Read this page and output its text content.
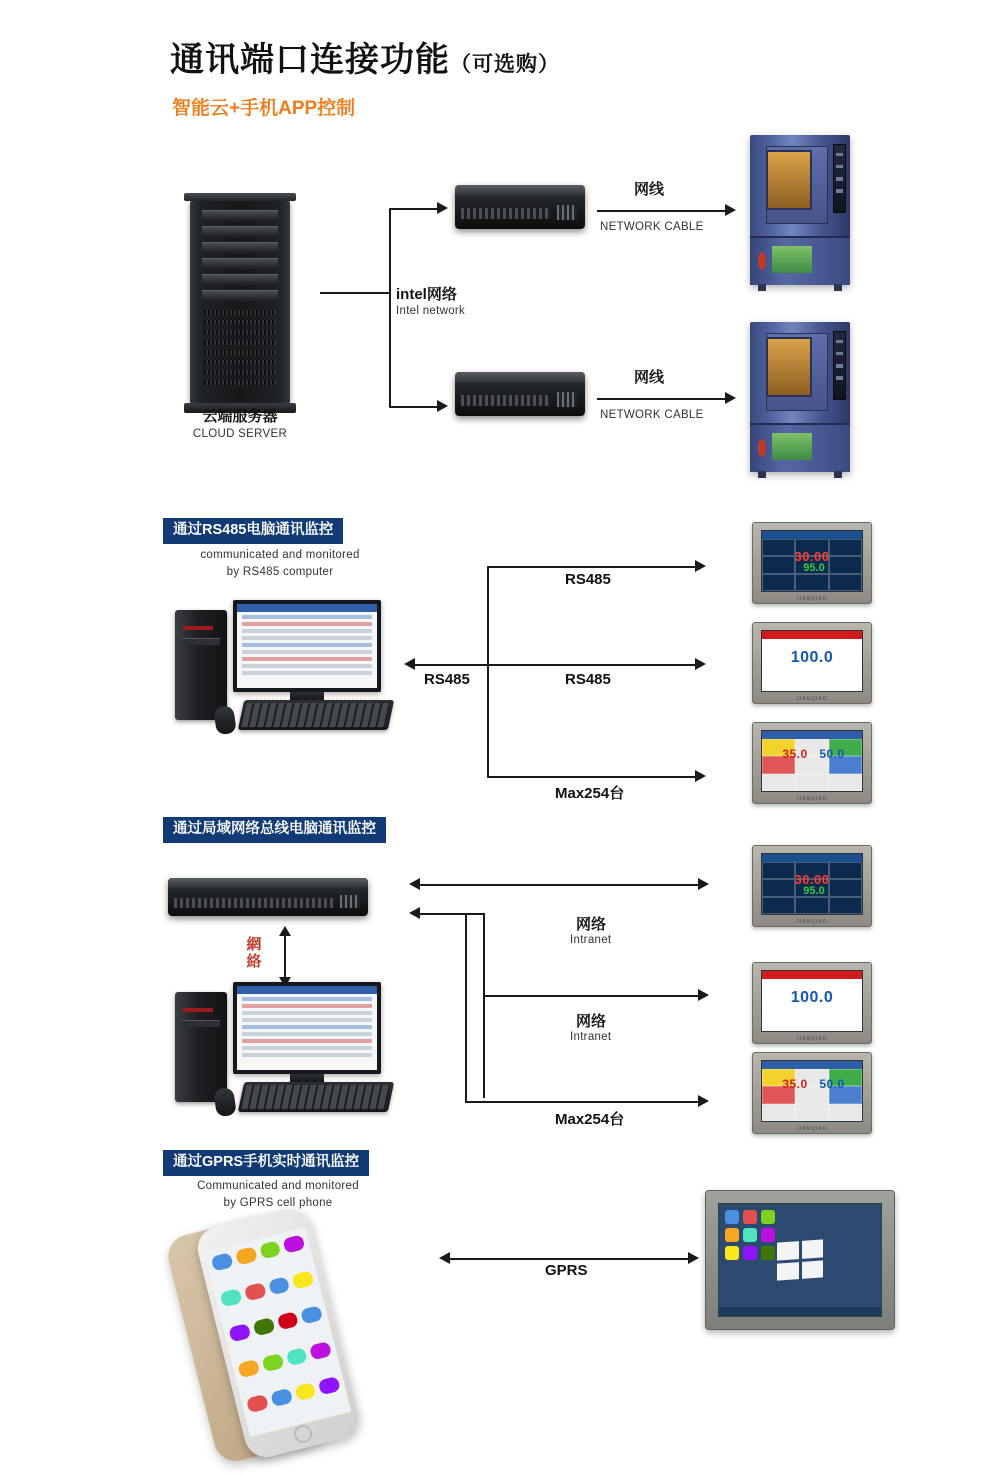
通讯端口连接功能（可选购）
智能云+手机APP控制
云端服务器
CLOUD SERVER
intel网络
Intel network
网线
NETWORK CABLE
网线
NETWORK CABLE
通过RS485电脑通讯监控
communicated and monitored
by RS485 computer	RS485
RS485
RS485
Max254台
30.00
95.0
JIANQIAO
100.0
JIANQIAO
35.0 50.0
JIANQIAO
通过局域网络总线电脑通讯监控
網絡
网络
Intranet
网络
Intranet
Max254台
30.00
95.0
JIANQIAO
100.0
JIANQIAO
35.0 50.0
JIANQIAO
通过GPRS手机实时通讯监控
Communicated and monitored
by GPRS cell phone
GPRS
